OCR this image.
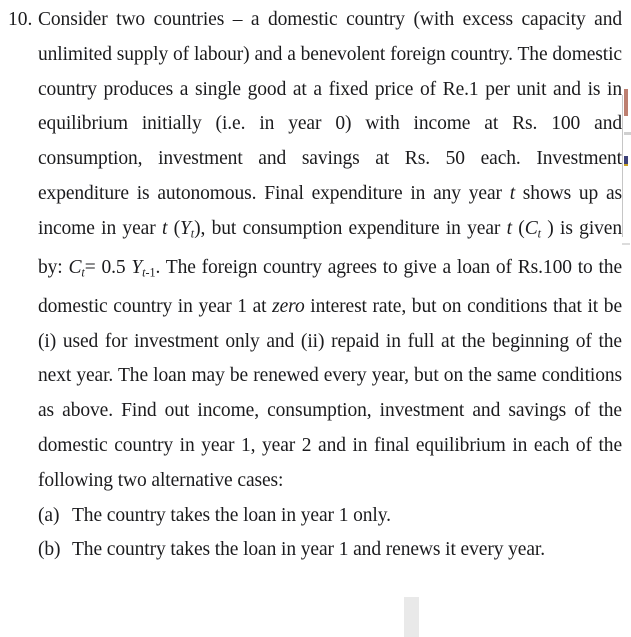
10. Consider two countries – a domestic country (with excess capacity and unlimited supply of labour) and a benevolent foreign country. The domestic country produces a single good at a fixed price of Re.1 per unit and is in equilibrium initially (i.e. in year 0) with income at Rs. 100 and consumption, investment and savings at Rs. 50 each. Investment expenditure is autonomous. Final expenditure in any year t shows up as income in year t (Yt), but consumption expenditure in year t (Ct ) is given by: Ct= 0.5 Yt-1. The foreign country agrees to give a loan of Rs.100 to the domestic country in year 1 at zero interest rate, but on conditions that it be (i) used for investment only and (ii) repaid in full at the beginning of the next year. The loan may be renewed every year, but on the same conditions as above. Find out income, consumption, investment and savings of the domestic country in year 1, year 2 and in final equilibrium in each of the following two alternative cases:

(a) The country takes the loan in year 1 only.
(b) The country takes the loan in year 1 and renews it every year.
